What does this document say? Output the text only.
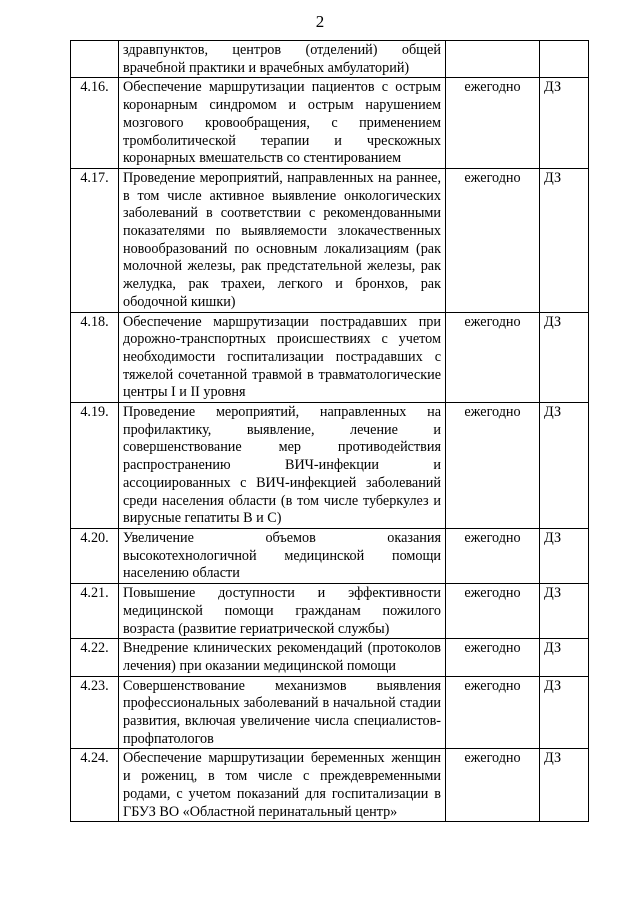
2
	здравпунктов, центров (отделений) общей врачебной практики и врачебных амбулаторий)		
4.16.	Обеспечение маршрутизации пациентов с острым коронарным синдромом и острым нарушением мозгового кровообращения, с применением тромболитической терапии и чрескожных коронарных вмешательств со стентированием	ежегодно	ДЗ
4.17.	Проведение мероприятий, направленных на раннее, в том числе активное выявление онкологических заболеваний в соответствии с рекомендованными показателями по выявляемости злокачественных новообразований по основным локализациям (рак молочной железы, рак предстательной железы, рак желудка, рак трахеи, легкого и бронхов, рак ободочной кишки)	ежегодно	ДЗ
4.18.	Обеспечение маршрутизации пострадавших при дорожно-транспортных происшествиях с учетом необходимости госпитализации пострадавших с тяжелой сочетанной травмой в травматологические центры I и II уровня	ежегодно	ДЗ
4.19.	Проведение мероприятий, направленных на профилактику, выявление, лечение и совершенствование мер противодействия распространению ВИЧ-инфекции и ассоциированных с ВИЧ-инфекцией заболеваний среди населения области (в том числе туберкулез и вирусные гепатиты В и С)	ежегодно	ДЗ
4.20.	Увеличение объемов оказания высокотехнологичной медицинской помощи населению области	ежегодно	ДЗ
4.21.	Повышение доступности и эффективности медицинской помощи гражданам пожилого возраста (развитие гериатрической службы)	ежегодно	ДЗ
4.22.	Внедрение клинических рекомендаций (протоколов лечения) при оказании медицинской помощи	ежегодно	ДЗ
4.23.	Совершенствование механизмов выявления профессиональных заболеваний в начальной стадии развития, включая увеличение числа специалистов-профпатологов	ежегодно	ДЗ
4.24.	Обеспечение маршрутизации беременных женщин и рожениц, в том числе с преждевременными родами, с учетом показаний для госпитализации в ГБУЗ ВО «Областной перинатальный центр»	ежегодно	ДЗ
